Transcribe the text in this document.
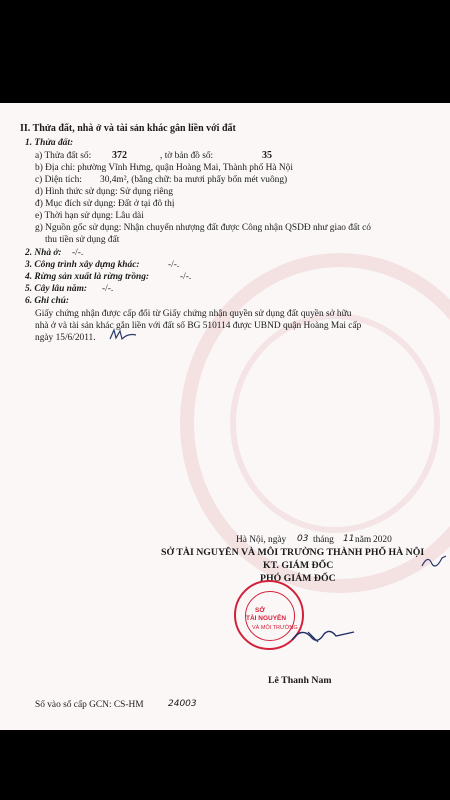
II. Thửa đất, nhà ở và tài sản khác gắn liền với đất
1. Thửa đất:
a) Thửa đất số: 372	, tờ bản đồ số:	35
b) Địa chỉ: phường Vĩnh Hưng, quận Hoàng Mai, Thành phố Hà Nội
c) Diện tích: 30,4m², (bằng chữ: ba mươi phẩy bốn mét vuông)
d) Hình thức sử dụng: Sử dụng riêng
đ) Mục đích sử dụng: Đất ở tại đô thị
e) Thời hạn sử dụng: Lâu dài
g) Nguồn gốc sử dụng: Nhận chuyển nhượng đất được Công nhận QSDĐ như giao đất có
thu tiền sử dụng đất
2. Nhà ở: -/-.
3. Công trình xây dựng khác:	-/-.
4. Rừng sản xuất là rừng trồng:	-/-.
5. Cây lâu năm: -/-.
6. Ghi chú:
Giấy chứng nhận được cấp đổi từ Giấy chứng nhận quyền sử dụng đất quyền sở hữu
nhà ở và tài sản khác gắn liền với đất số BG 510114 được UBND quận Hoàng Mai cấp
ngày 15/6/2011.
Hà Nội, ngày 03 tháng 11 năm 2020
SỞ TÀI NGUYÊN VÀ MÔI TRƯỜNG THÀNH PHỐ HÀ NỘI
KT. GIÁM ĐỐC
PHÓ GIÁM ĐỐC
SỞ
TÀI NGUYÊN
VÀ MÔI TRƯỜNG
Lê Thanh Nam
Số vào sổ cấp GCN: CS-HM	24003
